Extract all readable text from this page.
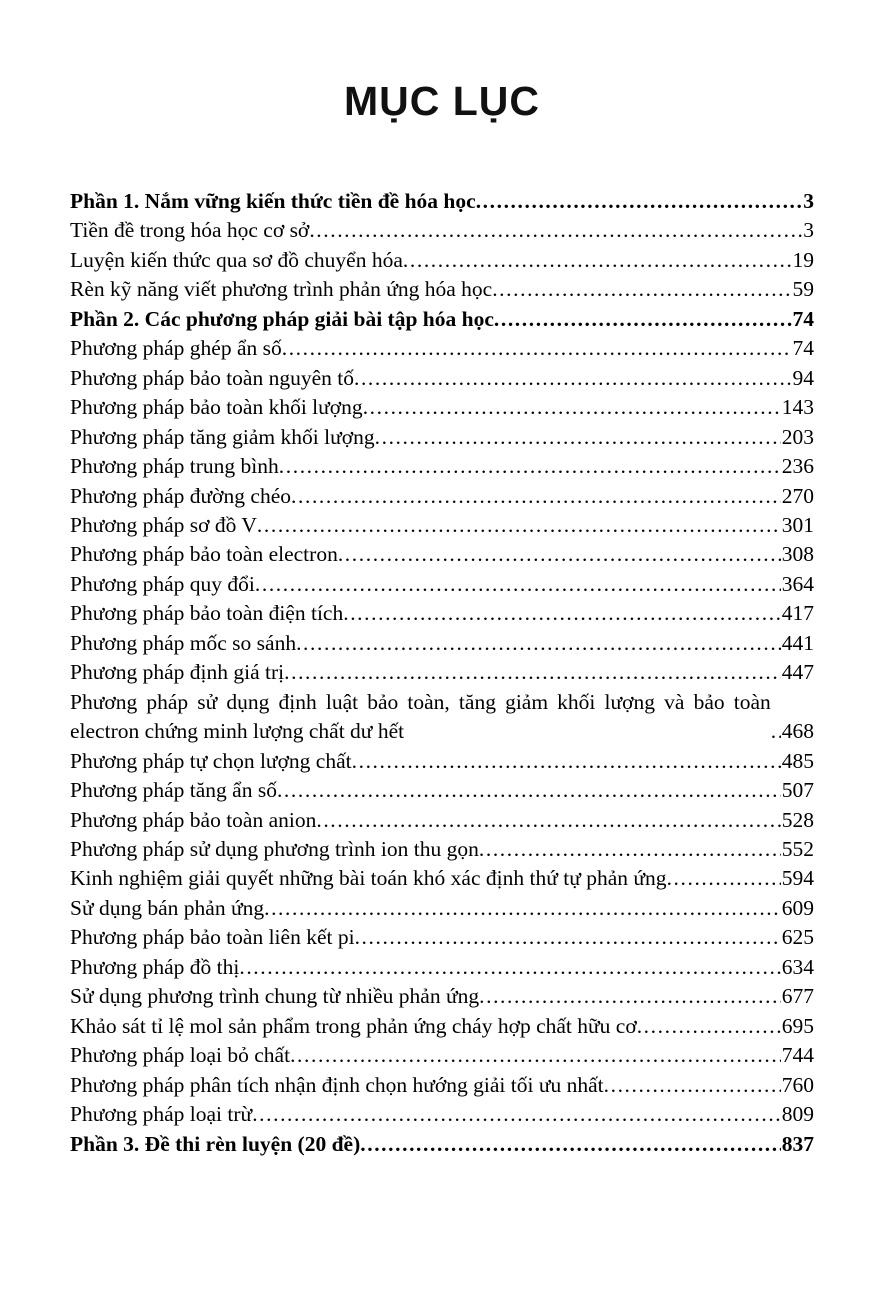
MỤC LỤC
Phần 1. Nắm vững kiến thức tiền đề hóa học .....	3
Tiền đề trong hóa học cơ sở .....	3
Luyện kiến thức qua sơ đồ chuyển hóa .....	19
Rèn kỹ năng viết phương trình phản ứng hóa học .....	59
Phần 2. Các phương pháp giải bài tập hóa học .....	74
Phương pháp ghép ẩn số .....	74
Phương pháp bảo toàn nguyên tố .....	94
Phương pháp bảo toàn khối lượng .....	143
Phương pháp tăng giảm khối lượng .....	203
Phương pháp trung bình .....	236
Phương pháp đường chéo .....	270
Phương pháp sơ đồ V .....	301
Phương pháp bảo toàn electron .....	308
Phương pháp quy đổi .....	364
Phương pháp bảo toàn điện tích .....	417
Phương pháp mốc so sánh .....	441
Phương pháp định giá trị .....	447
Phương pháp sử dụng định luật bảo toàn, tăng giảm khối lượng và bảo toàn electron chứng minh lượng chất dư hết .....	468
Phương pháp tự chọn lượng chất .....	485
Phương pháp tăng ẩn số .....	507
Phương pháp bảo toàn anion .....	528
Phương pháp sử dụng phương trình ion thu gọn .....	552
Kinh nghiệm giải quyết những bài toán khó xác định thứ tự phản ứng .....	594
Sử dụng bán phản ứng .....	609
Phương pháp bảo toàn liên kết pi .....	625
Phương pháp đồ thị .....	634
Sử dụng phương trình chung từ nhiều phản ứng .....	677
Khảo sát tỉ lệ mol sản phẩm trong phản ứng cháy hợp chất hữu cơ .....	695
Phương pháp loại bỏ chất .....	744
Phương pháp phân tích nhận định chọn hướng giải tối ưu nhất .....	760
Phương pháp loại trừ .....	809
Phần 3. Đề thi rèn luyện (20 đề) .....	837
